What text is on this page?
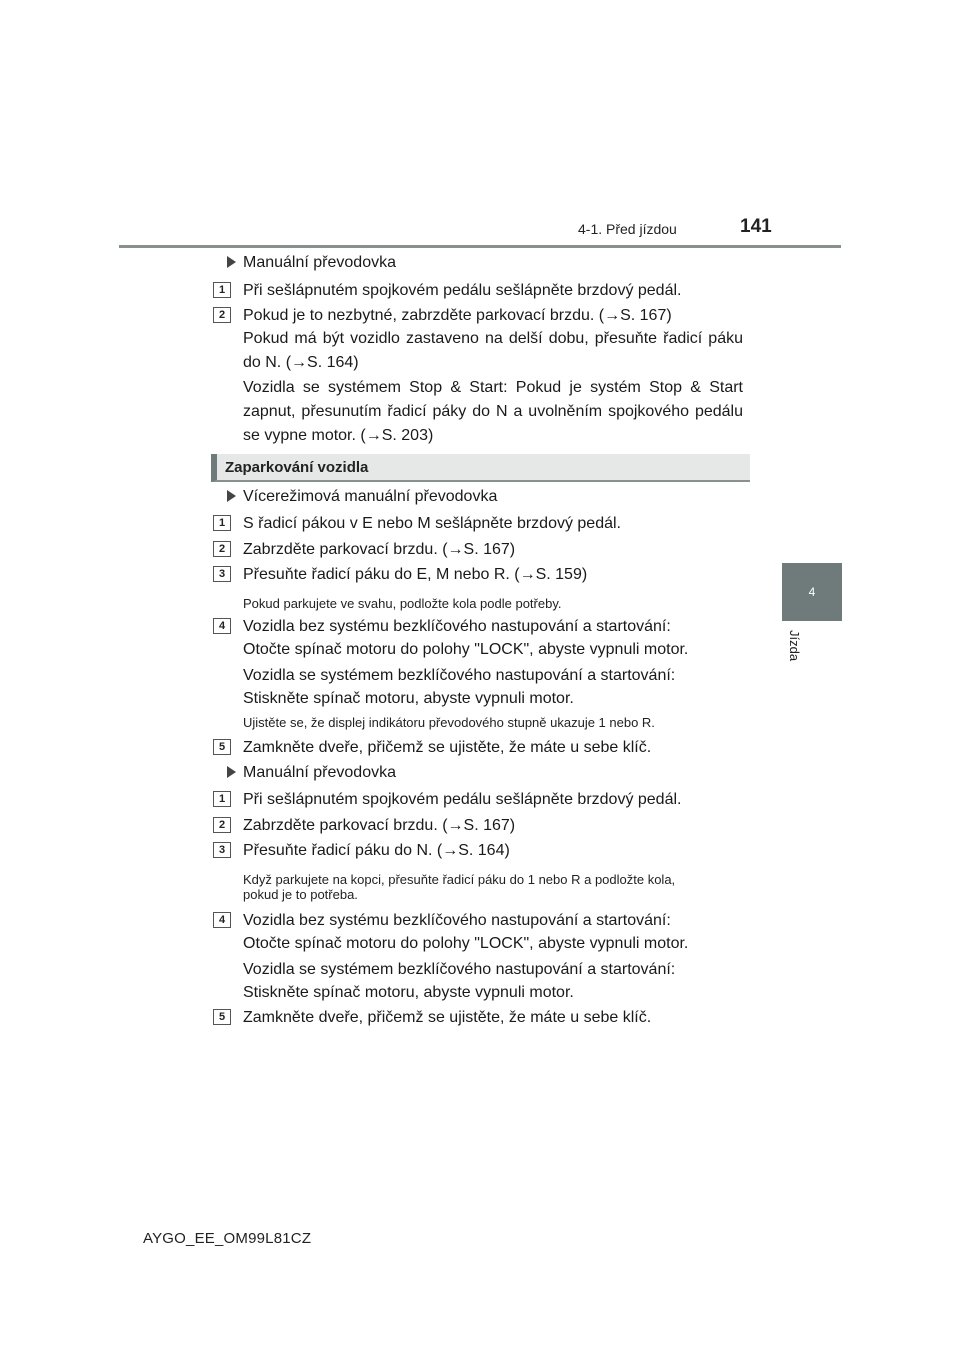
4-1. Před jízdou	141
4
Jízda
Manuální převodovka
1	Při sešlápnutém spojkovém pedálu sešlápněte brzdový pedál.
2	Pokud je to nezbytné, zabrzděte parkovací brzdu. (→S. 167)
Pokud má být vozidlo zastaveno na delší dobu, přesuňte řadicí páku do N. (→S. 164)
Vozidla se systémem Stop & Start: Pokud je systém Stop & Start zapnut, přesunutím řadicí páky do N a uvolněním spojkového pedálu se vypne motor. (→S. 203)
Zaparkování vozidla
Vícerežimová manuální převodovka
1	S řadicí pákou v E nebo M sešlápněte brzdový pedál.
2	Zabrzděte parkovací brzdu. (→S. 167)
3	Přesuňte řadicí páku do E, M nebo R. (→S. 159)
Pokud parkujete ve svahu, podložte kola podle potřeby.
4	Vozidla bez systému bezklíčového nastupování a startování:
Otočte spínač motoru do polohy "LOCK", abyste vypnuli motor.
Vozidla se systémem bezklíčového nastupování a startování:
Stiskněte spínač motoru, abyste vypnuli motor.
Ujistěte se, že displej indikátoru převodového stupně ukazuje 1 nebo R.
5	Zamkněte dveře, přičemž se ujistěte, že máte u sebe klíč.
Manuální převodovka
1	Při sešlápnutém spojkovém pedálu sešlápněte brzdový pedál.
2	Zabrzděte parkovací brzdu. (→S. 167)
3	Přesuňte řadicí páku do N. (→S. 164)
Když parkujete na kopci, přesuňte řadicí páku do 1 nebo R a podložte kola,
pokud je to potřeba.
4	Vozidla bez systému bezklíčového nastupování a startování:
Otočte spínač motoru do polohy "LOCK", abyste vypnuli motor.
Vozidla se systémem bezklíčového nastupování a startování:
Stiskněte spínač motoru, abyste vypnuli motor.
5	Zamkněte dveře, přičemž se ujistěte, že máte u sebe klíč.
AYGO_EE_OM99L81CZ
